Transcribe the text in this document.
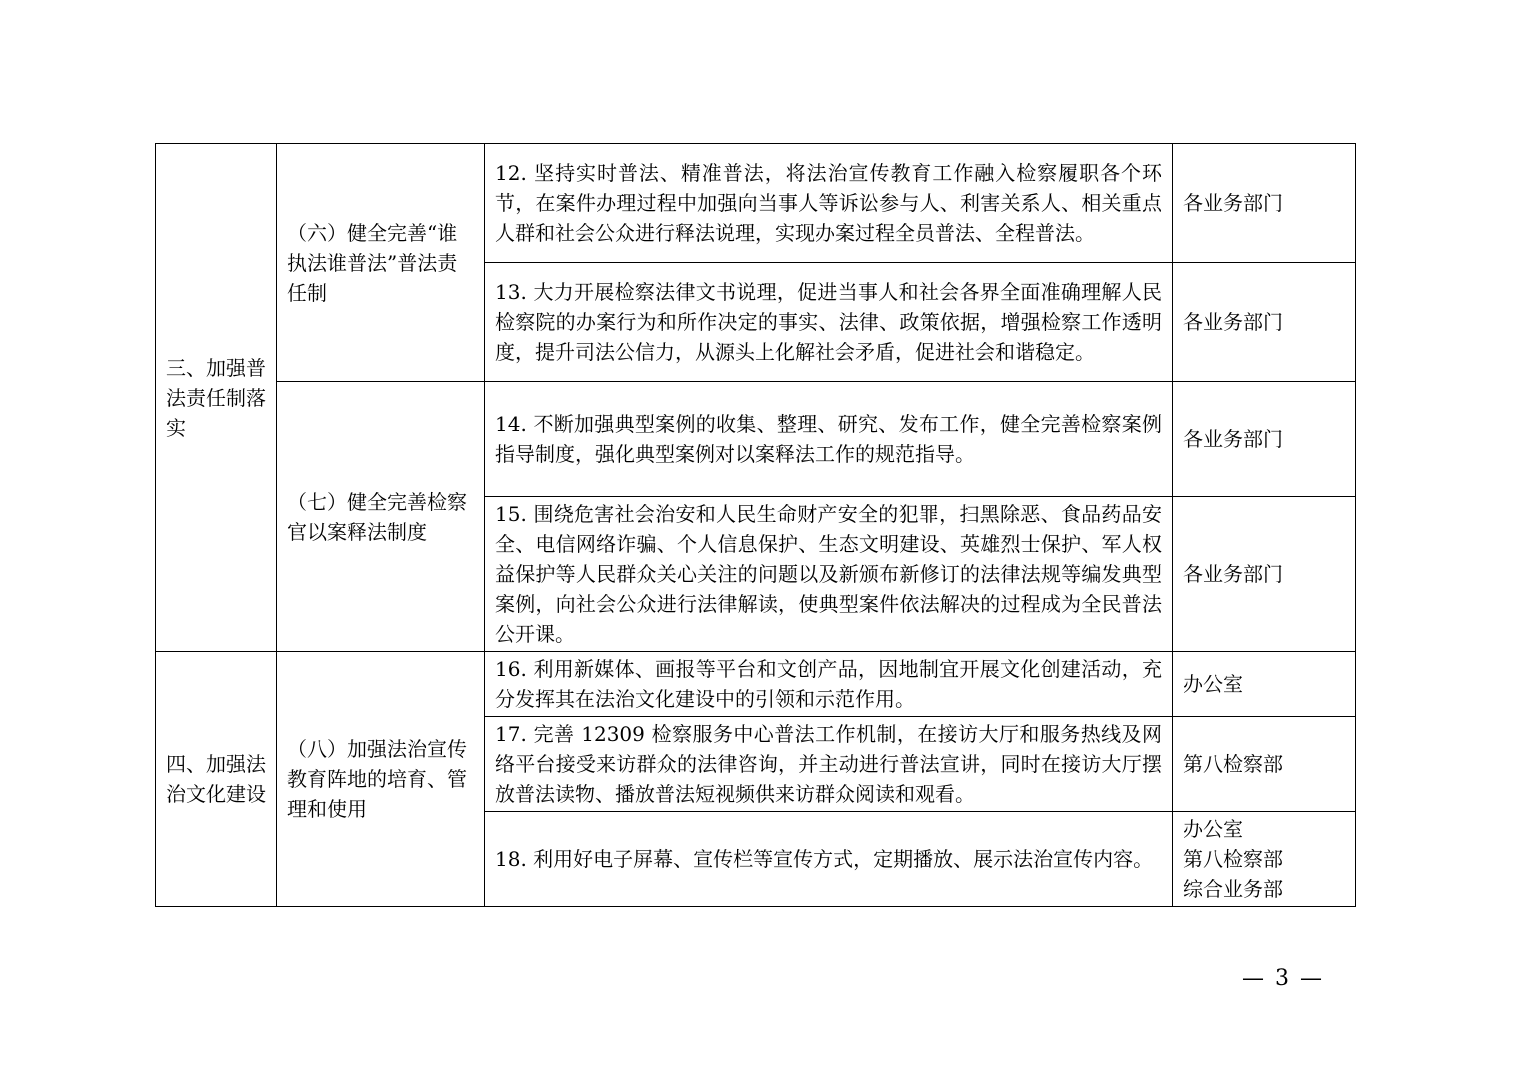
三、加强普法责任制落实	（六）健全完善“谁执法谁普法”普法责任制	12. 坚持实时普法、精准普法，将法治宣传教育工作融入检察履职各个环节，在案件办理过程中加强向当事人等诉讼参与人、利害关系人、相关重点人群和社会公众进行释法说理，实现办案过程全员普法、全程普法。	各业务部门

		13. 大力开展检察法律文书说理，促进当事人和社会各界全面准确理解人民检察院的办案行为和所作决定的事实、法律、政策依据，增强检察工作透明度，提升司法公信力，从源头上化解社会矛盾，促进社会和谐稳定。	各业务部门

	（七）健全完善检察官以案释法制度	14. 不断加强典型案例的收集、整理、研究、发布工作，健全完善检察案例指导制度，强化典型案例对以案释法工作的规范指导。	各业务部门

		15. 围绕危害社会治安和人民生命财产安全的犯罪，扫黑除恶、食品药品安全、电信网络诈骗、个人信息保护、生态文明建设、英雄烈士保护、军人权益保护等人民群众关心关注的问题以及新颁布新修订的法律法规等编发典型案例，向社会公众进行法律解读，使典型案件依法解决的过程成为全民普法公开课。	各业务部门

四、加强法治文化建设	（八）加强法治宣传教育阵地的培育、管理和使用	16. 利用新媒体、画报等平台和文创产品，因地制宜开展文化创建活动，充分发挥其在法治文化建设中的引领和示范作用。	办公室

		17. 完善 12309 检察服务中心普法工作机制，在接访大厅和服务热线及网络平台接受来访群众的法律咨询，并主动进行普法宣讲，同时在接访大厅摆放普法读物、播放普法短视频供来访群众阅读和观看。	第八检察部

		18. 利用好电子屏幕、宣传栏等宣传方式，定期播放、展示法治宣传内容。	办公室
第八检察部
综合业务部
— 3 —
